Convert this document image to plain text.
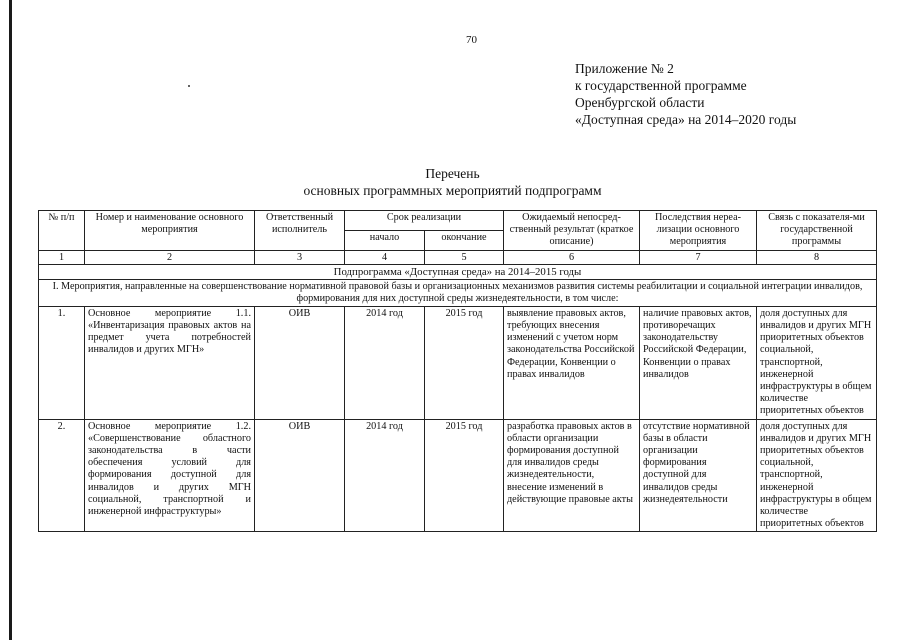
70
Приложение № 2
к государственной программе
Оренбургской области
«Доступная среда» на 2014–2020 годы
Перечень
основных программных мероприятий подпрограмм
№ п/п	Номер и наименование основного мероприятия	Ответственный исполнитель	Срок реализации		Ожидаемый непосред-ственный результат (краткое описание)	Последствия нереа-лизации основного мероприятия	Связь с показателя-ми государственной программы
			начало	окончание			
1	2	3	4	5	6	7	8
Подпрограмма «Доступная среда» на 2014–2015 годы							
I. Мероприятия, направленные на совершенствование нормативной правовой базы и организационных механизмов развития системы реабилитации и социальной интеграции инвалидов, формирования для них доступной среды жизнедеятельности, в том числе:							
1.	Основное мероприятие 1.1. «Инвентаризация правовых актов на предмет учета потребностей инвалидов и других МГН»	ОИВ	2014 год	2015 год	выявление правовых актов, требующих внесения изменений с учетом норм законодательства Российской Федерации, Конвенции о правах инвалидов	наличие правовых актов, противоречащих законодательству Российской Федерации, Конвенции о правах инвалидов	доля доступных для инвалидов и других МГН приоритетных объектов социальной, транспортной, инженерной инфраструктуры в общем количестве приоритетных объектов
2.	Основное мероприятие 1.2. «Совершенствование областного законодательства в части обеспечения условий для формирования доступной для инвалидов и других МГН социальной, транспортной и инженерной инфраструктуры»	ОИВ	2014 год	2015 год	разработка правовых актов в области организации формирования доступной для инвалидов среды жизнедеятельности, внесение изменений в действующие правовые акты	отсутствие нормативной базы в области организации формирования доступной для инвалидов среды жизнедеятельности	доля доступных для инвалидов и других МГН приоритетных объектов социальной, транспортной, инженерной инфраструктуры в общем количестве приоритетных объектов
